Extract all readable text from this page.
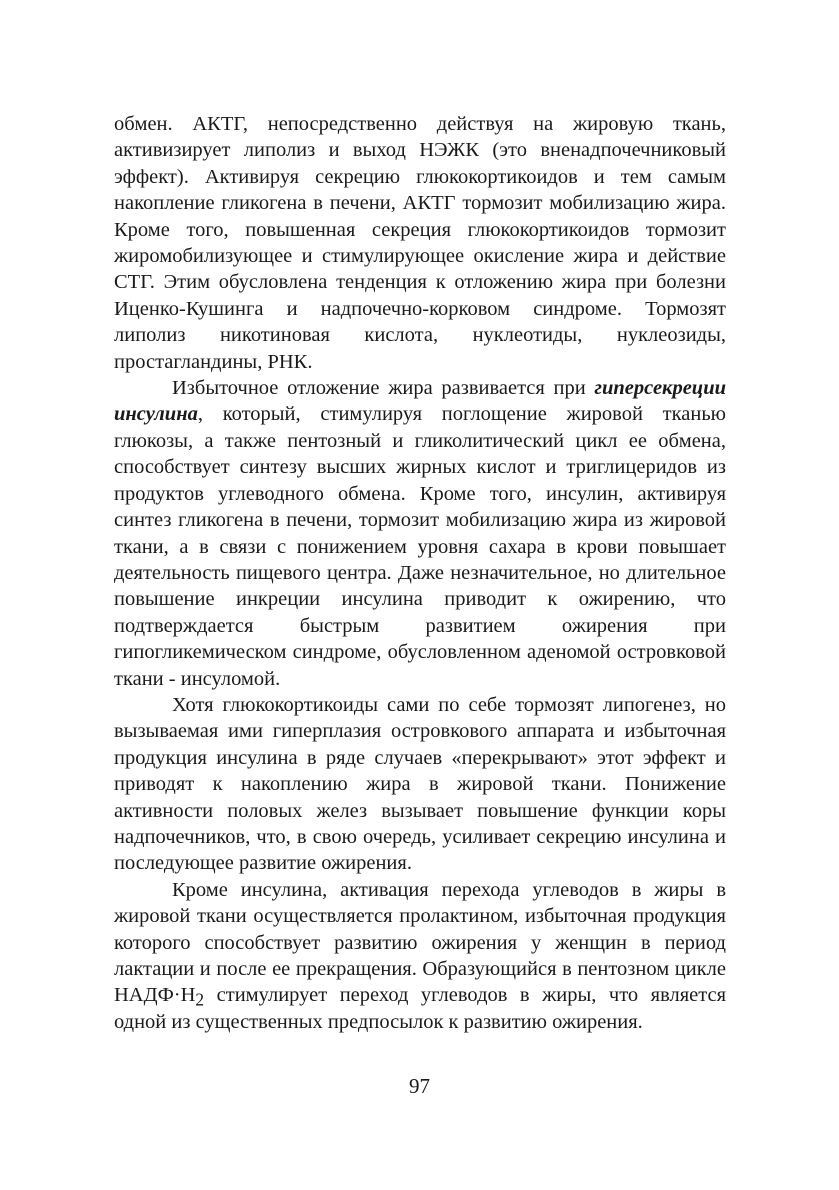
обмен. АКТГ, непосредственно действуя на жировую ткань, активизирует липолиз и выход НЭЖК (это вненадпочечниковый эффект). Активируя секрецию глюкокортикоидов и тем самым накопление гликогена в печени, АКТГ тормозит мобилизацию жира. Кроме того, повышенная секреция глюкокортикоидов тормозит жиромобилизующее и стимулирующее окисление жира и действие СТГ. Этим обусловлена тенденция к отложению жира при болезни Иценко-Кушинга и надпочечно-корковом синдроме. Тормозят липолиз никотиновая кислота, нуклеотиды, нуклеозиды, простагландины, РНК.

Избыточное отложение жира развивается при гиперсекреции инсулина, который, стимулируя поглощение жировой тканью глюкозы, а также пентозный и гликолитический цикл ее обмена, способствует синтезу высших жирных кислот и триглицеридов из продуктов углеводного обмена. Кроме того, инсулин, активируя синтез гликогена в печени, тормозит мобилизацию жира из жировой ткани, а в связи с понижением уровня сахара в крови повышает деятельность пищевого центра. Даже незначительное, но длительное повышение инкреции инсулина приводит к ожирению, что подтверждается быстрым развитием ожирения при гипогликемическом синдроме, обусловленном аденомой островковой ткани - инсуломой.

Хотя глюкокортикоиды сами по себе тормозят липогенез, но вызываемая ими гиперплазия островкового аппарата и избыточная продукция инсулина в ряде случаев «перекрывают» этот эффект и приводят к накоплению жира в жировой ткани. Понижение активности половых желез вызывает повышение функции коры надпочечников, что, в свою очередь, усиливает секрецию инсулина и последующее развитие ожирения.

Кроме инсулина, активация перехода углеводов в жиры в жировой ткани осуществляется пролактином, избыточная продукция которого способствует развитию ожирения у женщин в период лактации и после ее прекращения. Образующийся в пентозном цикле $НАДФ\cdot Н_2$ стимулирует переход углеводов в жиры, что является одной из существенных предпосылок к развитию ожирения.

97
